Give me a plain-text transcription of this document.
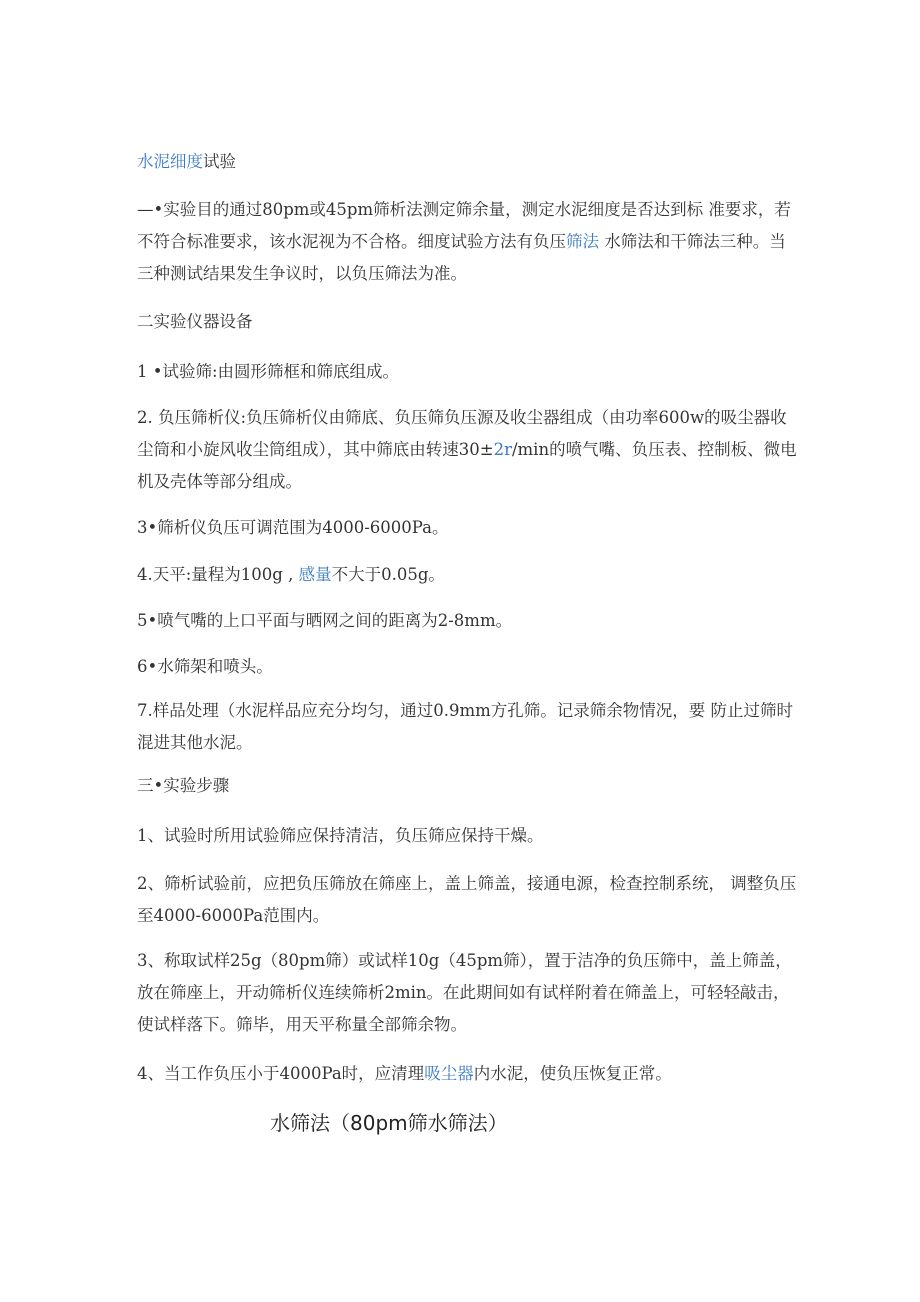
水泥细度试验

—•实验目的通过80pm或45pm筛析法测定筛余量，测定水泥细度是否达到标 准要求，若不符合标准要求，该水泥视为不合格。细度试验方法有负压筛法 水筛法和干筛法三种。当三种测试结果发生争议时，以负压筛法为准。

二实验仪器设备

1 •试验筛:由圆形筛框和筛底组成。

2. 负压筛析仪:负压筛析仪由筛底、负压筛负压源及收尘器组成（由功率600w的吸尘器收尘筒和小旋风收尘筒组成），其中筛底由转速30±2r/min的喷气嘴、负压表、控制板、微电机及壳体等部分组成。

3•筛析仪负压可调范围为4000-6000Pa。

4.天平:量程为100g , 感量不大于0.05g。

5•喷气嘴的上口平面与晒网之间的距离为2-8mm。

6•水筛架和喷头。

7.样品处理（水泥样品应充分均匀，通过0.9mm方孔筛。记录筛余物情况，要 防止过筛时混进其他水泥。

三•实验步骤

1、试验时所用试验筛应保持清洁，负压筛应保持干燥。

2、筛析试验前，应把负压筛放在筛座上，盖上筛盖，接通电源，检查控制系统， 调整负压至4000-6000Pa范围内。

3、称取试样25g（80pm筛）或试样10g（45pm筛），置于洁净的负压筛中，盖上筛盖，放在筛座上，开动筛析仪连续筛析2min。在此期间如有试样附着在筛盖上，可轻轻敲击，使试样落下。筛毕，用天平称量全部筛余物。

4、当工作负压小于4000Pa时，应清理吸尘器内水泥，使负压恢复正常。

水筛法（80pm筛水筛法）
